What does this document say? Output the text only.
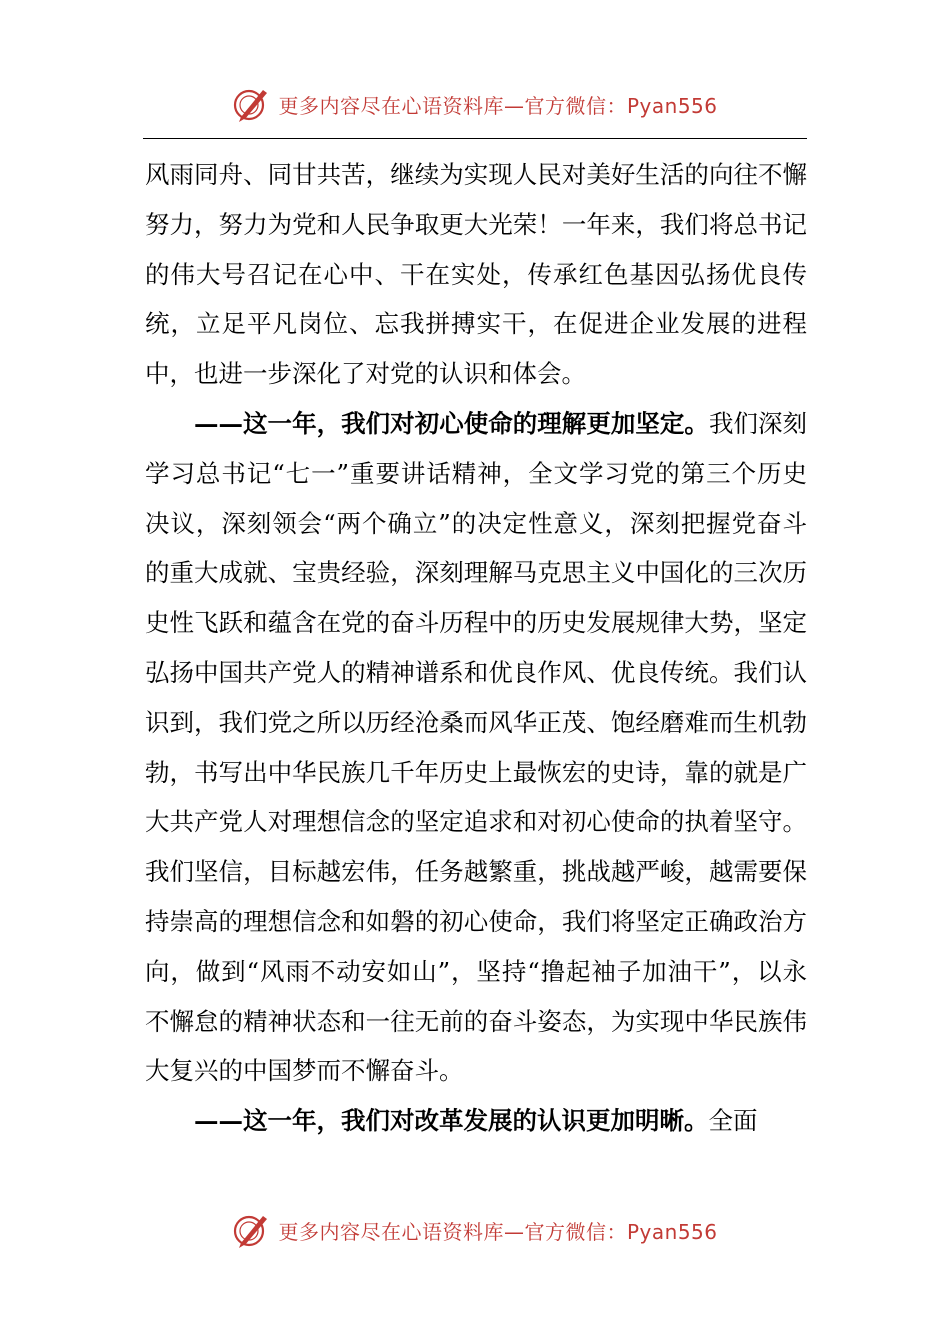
更多内容尽在心语资料库—官方微信：Pyan556

风雨同舟、同甘共苦，继续为实现人民对美好生活的向往不懈努力，努力为党和人民争取更大光荣！一年来，我们将总书记的伟大号召记在心中、干在实处，传承红色基因弘扬优良传统，立足平凡岗位、忘我拼搏实干，在促进企业发展的进程中，也进一步深化了对党的认识和体会。

——这一年，我们对初心使命的理解更加坚定。我们深刻学习总书记“七一”重要讲话精神，全文学习党的第三个历史决议，深刻领会“两个确立”的决定性意义，深刻把握党奋斗的重大成就、宝贵经验，深刻理解马克思主义中国化的三次历史性飞跃和蕴含在党的奋斗历程中的历史发展规律大势，坚定弘扬中国共产党人的精神谱系和优良作风、优良传统。我们认识到，我们党之所以历经沧桑而风华正茂、饱经磨难而生机勃勃，书写出中华民族几千年历史上最恢宏的史诗，靠的就是广大共产党人对理想信念的坚定追求和对初心使命的执着坚守。我们坚信，目标越宏伟，任务越繁重，挑战越严峻，越需要保持崇高的理想信念和如磐的初心使命，我们将坚定正确政治方向，做到“风雨不动安如山”，坚持“撸起袖子加油干”，以永不懈怠的精神状态和一往无前的奋斗姿态，为实现中华民族伟大复兴的中国梦而不懈奋斗。

——这一年，我们对改革发展的认识更加明晰。全面

更多内容尽在心语资料库—官方微信：Pyan556
